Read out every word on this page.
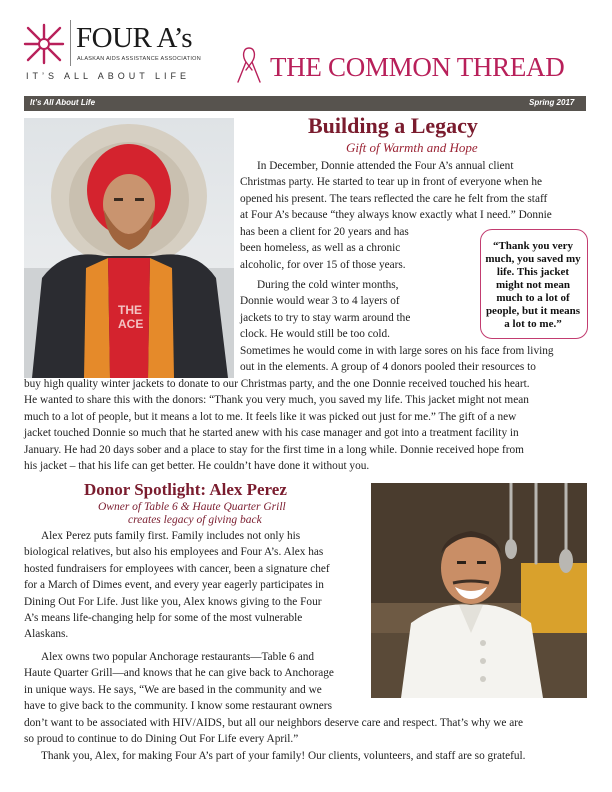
FOUR A’s
ALASKAN AIDS ASSISTANCE ASSOCIATION
IT’S ALL ABOUT LIFE	THE COMMON THREAD
It’s All About Life	Spring 2017
THE
ACE
Building a Legacy
Gift of Warmth and Hope
In December, Donnie attended the Four A’s annual client
Christmas party. He started to tear up in front of everyone when he
opened his present. The tears reflected the care he felt from the staff
at Four A’s because “they always know exactly what I need.” Donnie
has been a client for 20 years and has
been homeless, as well as a chronic
alcoholic, for over 15 of those years.
During the cold winter months,
Donnie would wear 3 to 4 layers of
jackets to try to stay warm around the
clock. He would still be too cold.
Sometimes he would come in with large sores on his face from living
out in the elements. A group of 4 donors pooled their resources to
buy high quality winter jackets to donate to our Christmas party, and the one Donnie received touched his heart.
He wanted to share this with the donors: “Thank you very much, you saved my life. This jacket might not mean
much to a lot of people, but it means a lot to me. It feels like it was picked out just for me.” The gift of a new
jacket touched Donnie so much that he started anew with his case manager and got into a treatment facility in
January. He had 20 days sober and a place to stay for the first time in a long while. Donnie received hope from
his jacket – that his life can get better. He couldn’t have done it without you.
“Thank you very much, you saved my life. This jacket might not mean much to a lot of people, but it means a lot to me.”
Donor Spotlight: Alex Perez
Owner of Table 6 & Haute Quarter Grill
creates legacy of giving back
Alex Perez puts family first. Family includes not only his
biological relatives, but also his employees and Four A’s. Alex has
hosted fundraisers for employees with cancer, been a signature chef
for a March of Dimes event, and every year eagerly participates in
Dining Out For Life. Just like you, Alex knows giving to the Four
A’s means life-changing help for some of the most vulnerable
Alaskans.
Alex owns two popular Anchorage restaurants—Table 6 and
Haute Quarter Grill—and knows that he can give back to Anchorage
in unique ways. He says, “We are based in the community and we
have to give back to the community. I know some restaurant owners
don’t want to be associated with HIV/AIDS, but all our neighbors deserve care and respect. That’s why we are
so proud to continue to do Dining Out For Life every April.”
Thank you, Alex, for making Four A’s part of your family! Our clients, volunteers, and staff are so grateful.
